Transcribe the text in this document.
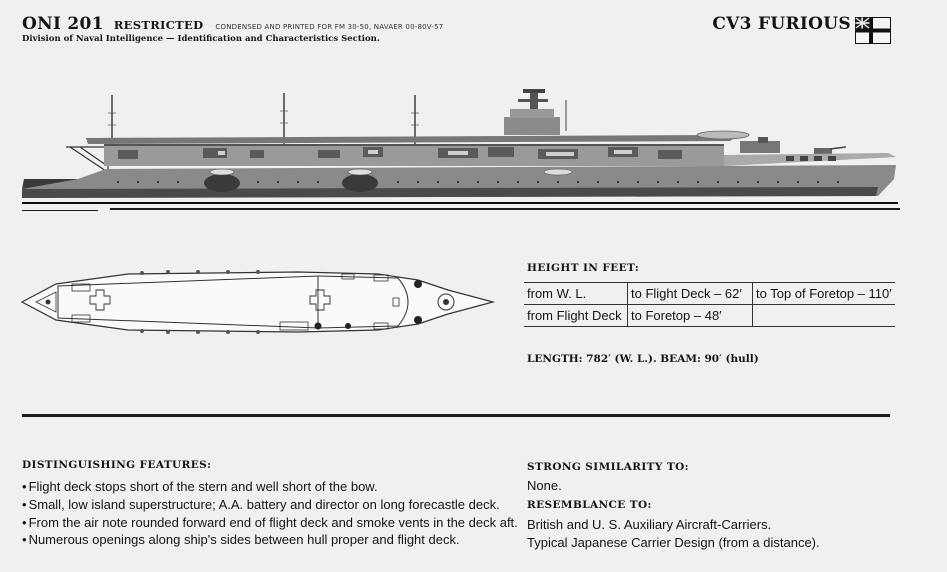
ONI 201 RESTRICTED CONDENSED AND PRINTED FOR FM 30-50, NAVAER 00-80V-57
Division of Naval Intelligence — Identification and Characteristics Section.
CV3 FURIOUS
HEIGHT IN FEET:
from W. L.	to Flight Deck – 62′	to Top of Foretop – 110′
from Flight Deck	to Foretop – 48′	
LENGTH: 782′ (W. L.). BEAM: 90′ (hull)
DISTINGUISHING FEATURES:
• Flight deck stops short of the stern and well short of the bow.
• Small, low island superstructure; A.A. battery and director on long forecastle deck.
• From the air note rounded forward end of flight deck and smoke vents in the deck aft.
• Numerous openings along ship's sides between hull proper and flight deck.
STRONG SIMILARITY TO:
None.
RESEMBLANCE TO:
British and U. S. Auxiliary Aircraft-Carriers.
Typical Japanese Carrier Design (from a distance).
